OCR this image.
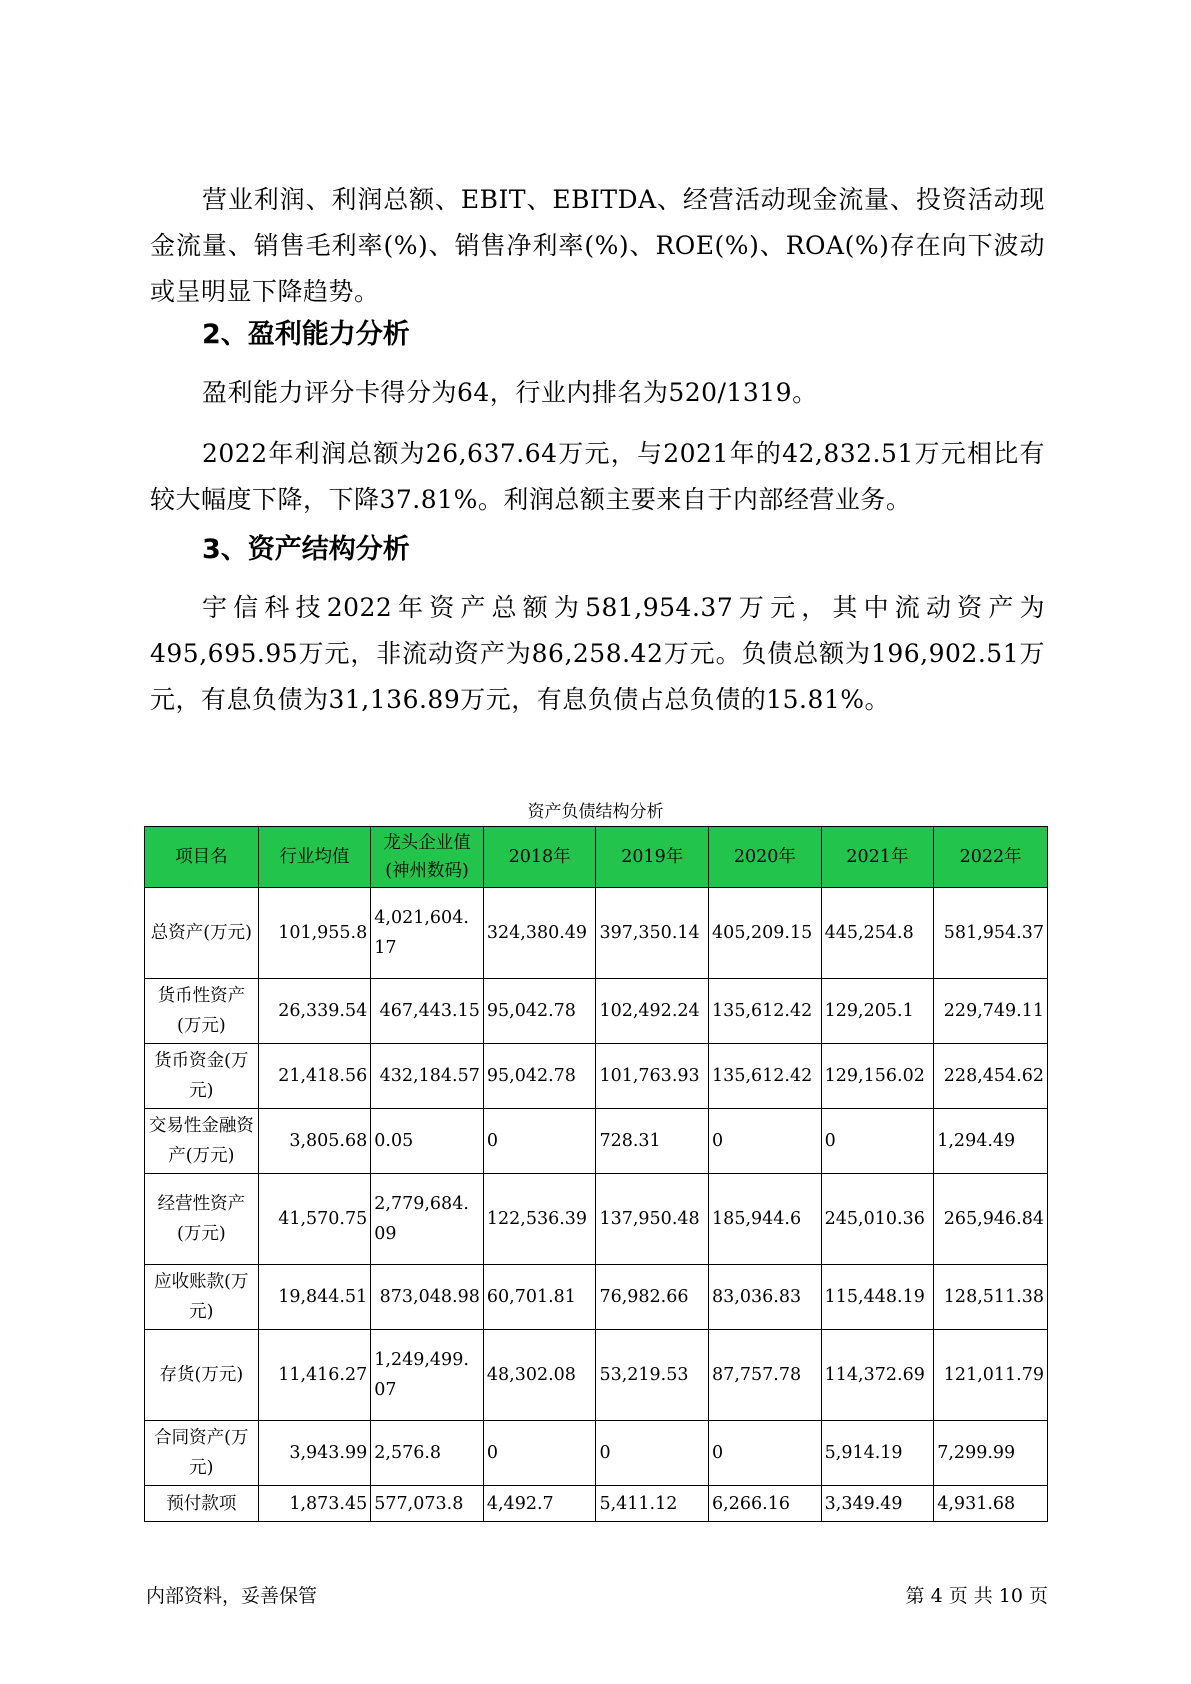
营业利润、利润总额、EBIT、EBITDA、经营活动现金流量、投资活动现金流量、销售毛利率(%)、销售净利率(%)、ROE(%)、ROA(%)存在向下波动或呈明显下降趋势。

2、盈利能力分析

盈利能力评分卡得分为64，行业内排名为520/1319。

2022年利润总额为26,637.64万元，与2021年的42,832.51万元相比有较大幅度下降，下降37.81%。利润总额主要来自于内部经营业务。

3、资产结构分析

宇信科技2022年资产总额为581,954.37万元，其中流动资产为495,695.95万元，非流动资产为86,258.42万元。负债总额为196,902.51万元，有息负债为31,136.89万元，有息负债占总负债的15.81%。

资产负债结构分析

项目名	行业均值	龙头企业值(神州数码)	2018年	2019年	2020年	2021年	2022年
总资产(万元)	101,955.8	4,021,604.17	324,380.49	397,350.14	405,209.15	445,254.8	581,954.37
货币性资产(万元)	26,339.54	467,443.15	95,042.78	102,492.24	135,612.42	129,205.1	229,749.11
货币资金(万元)	21,418.56	432,184.57	95,042.78	101,763.93	135,612.42	129,156.02	228,454.62
交易性金融资产(万元)	3,805.68	0.05	0	728.31	0	0	1,294.49
经营性资产(万元)	41,570.75	2,779,684.09	122,536.39	137,950.48	185,944.6	245,010.36	265,946.84
应收账款(万元)	19,844.51	873,048.98	60,701.81	76,982.66	83,036.83	115,448.19	128,511.38
存货(万元)	11,416.27	1,249,499.07	48,302.08	53,219.53	87,757.78	114,372.69	121,011.79
合同资产(万元)	3,943.99	2,576.8	0	0	0	5,914.19	7,299.99
预付款项	1,873.45	577,073.8	4,492.7	5,411.12	6,266.16	3,349.49	4,931.68
内部资料，妥善保管	第 4 页 共 10 页
